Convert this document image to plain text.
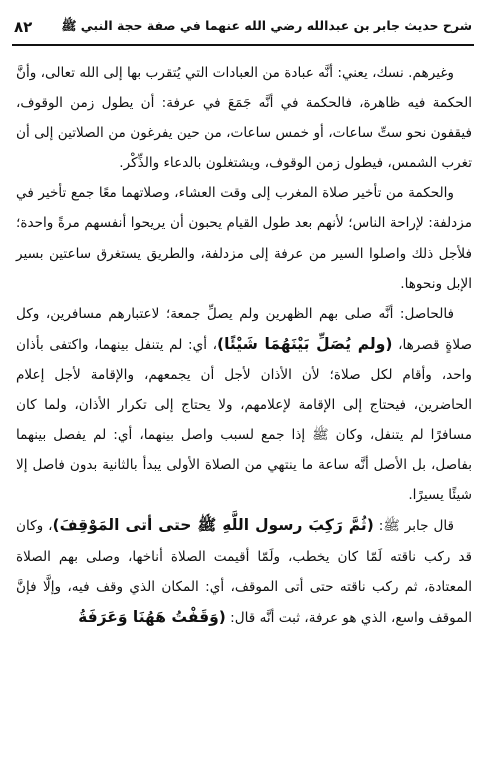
شرح حديث جابر بن عبدالله رضي الله عنهما في صفة حجة النبي ﷺ
٨٢

وغيرهم. نسك، يعني: أنَّه عبادة من العبادات التي يُتقرب بها إلى الله تعالى، وأنَّ الحكمة فيه ظاهرة، فالحكمة في أنَّه جَمَعَ في عرفة: أن يطول زمن الوقوف، فيقفون نحو ستِّ ساعات، أو خمس ساعات، من حين يفرغون من الصلاتين إلى أن تغرب الشمس، فيطول زمن الوقوف، ويشتغلون بالدعاء والذِّكْر.

والحكمة من تأخير صلاة المغرب إلى وقت العشاء، وصلاتهما معًا جمع تأخير في مزدلفة: لإراحة الناس؛ لأنهم بعد طول القيام يحبون أن يريحوا أنفسهم مرةً واحدة؛ فلأجل ذلك واصلوا السير من عرفة إلى مزدلفة، والطريق يستغرق ساعتين بسير الإبل ونحوها.

فالحاصل: أنَّه صلى بهم الظهرين ولم يصلِّ جمعة؛ لاعتبارهم مسافرين، وكل صلاةٍ قصرها، (ولم يُصَلِّ بَيْنَهُمَا شَيْئًا)، أي: لم يتنفل بينهما، واكتفى بأذان واحد، وأقام لكل صلاة؛ لأن الأذان لأجل أن يجمعهم، والإقامة لأجل إعلام الحاضرين، فيحتاج إلى الإقامة لإعلامهم، ولا يحتاج إلى تكرار الأذان، ولما كان مسافرًا لم يتنفل، وكان ﷺ إذا جمع لسبب واصل بينهما، أي: لم يفصل بينهما بفاصل، بل الأصل أنَّه ساعة ما ينتهي من الصلاة الأولى يبدأ بالثانية بدون فاصل إلا شيئًا يسيرًا.

قال جابر ﷺ: (ثُمَّ رَكِبَ رسول اللَّهِ ﷺ حتى أتى المَوْقِفَ)، وكان قد ركب ناقته لَمّا كان يخطب، ولَمّا أقيمت الصلاة أناخها، وصلى بهم الصلاة المعتادة، ثم ركب ناقته حتى أتى الموقف، أي: المكان الذي وقف فيه، وإلَّا فإنَّ الموقف واسع، الذي هو عرفة، ثبت أنَّه قال: (وَقَفْتُ هَهُنَا وَعَرَفَةُ
